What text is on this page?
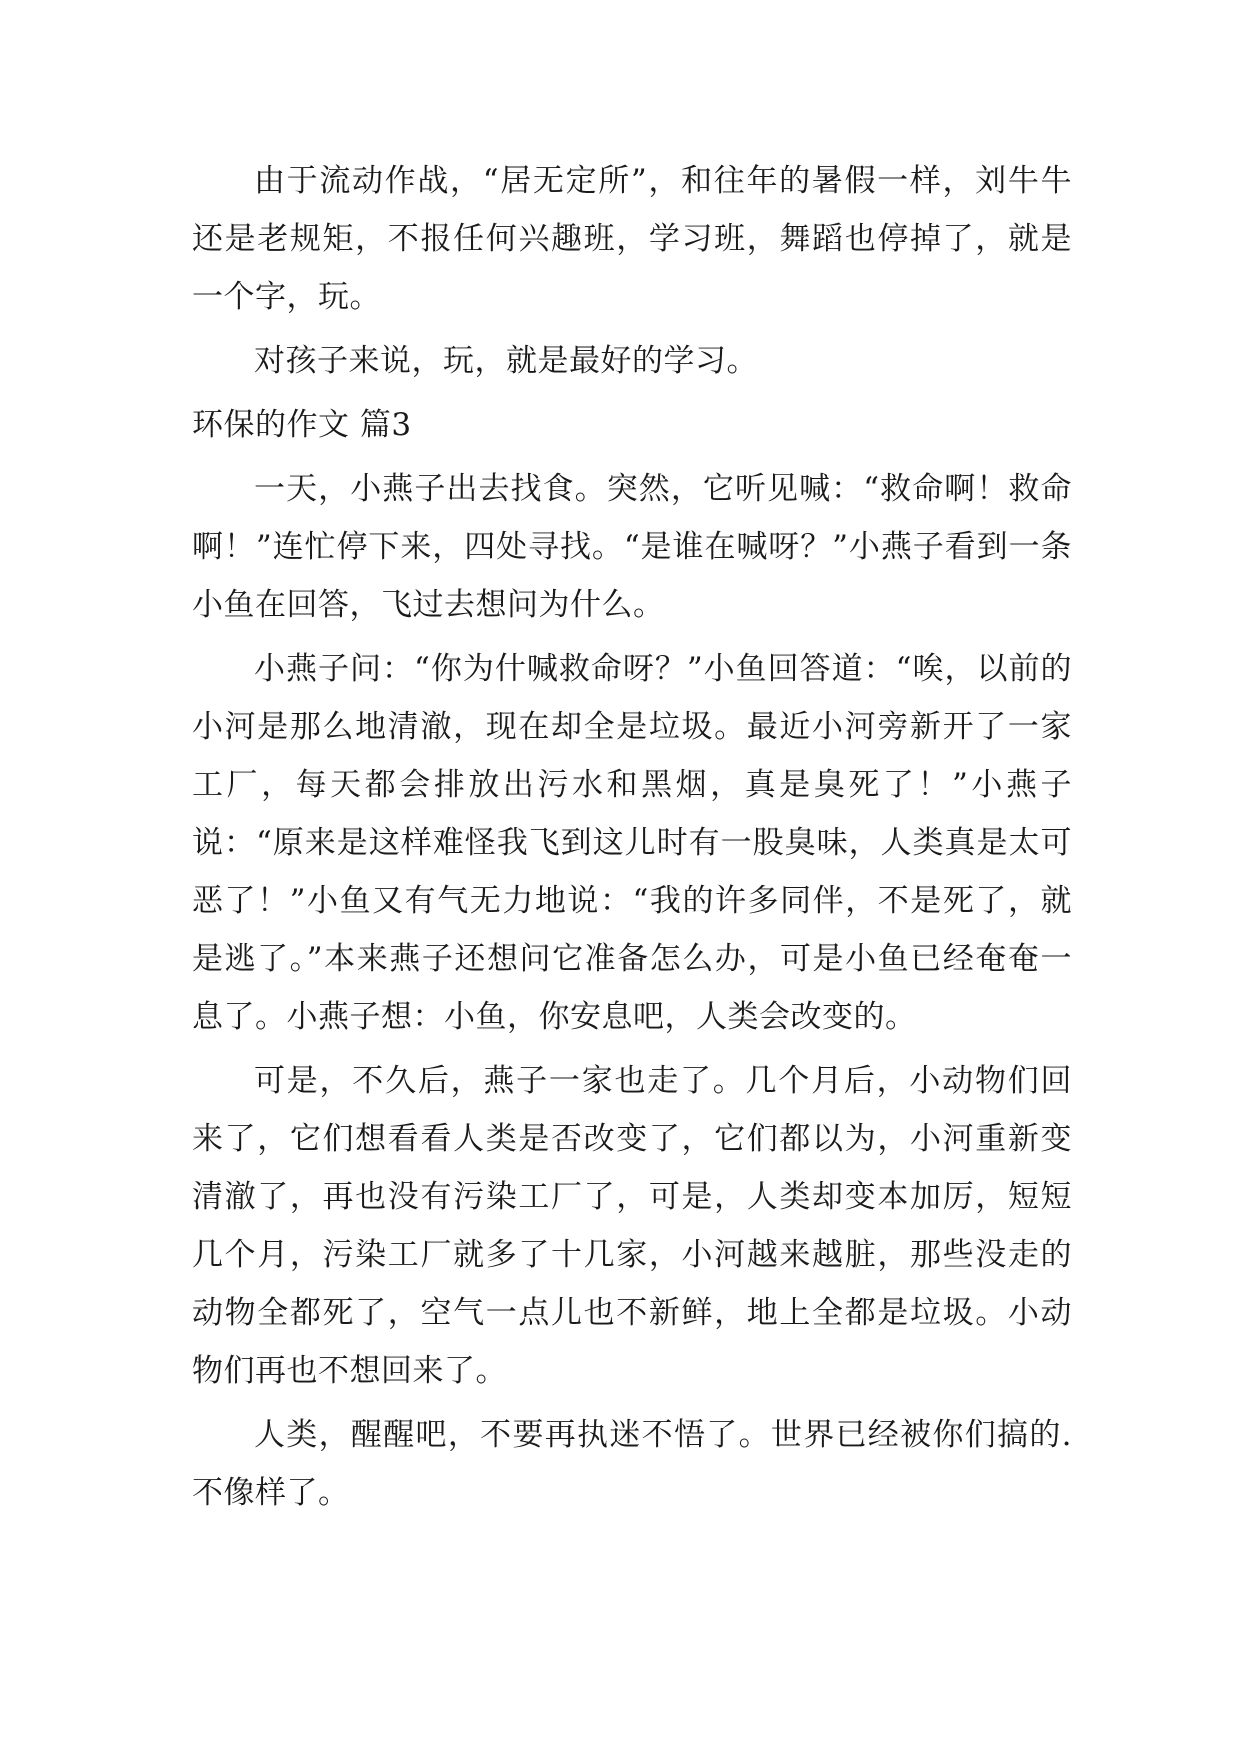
由于流动作战，“居无定所”，和往年的暑假一样，刘牛牛还是老规矩，不报任何兴趣班，学习班，舞蹈也停掉了，就是一个字，玩。

对孩子来说，玩，就是最好的学习。

环保的作文 篇3

一天，小燕子出去找食。突然，它听见喊：“救命啊！救命啊！”连忙停下来，四处寻找。“是谁在喊呀？”小燕子看到一条小鱼在回答，飞过去想问为什么。

小燕子问：“你为什喊救命呀？”小鱼回答道：“唉，以前的小河是那么地清澈，现在却全是垃圾。最近小河旁新开了一家工厂，每天都会排放出污水和黑烟，真是臭死了！”小燕子说：“原来是这样难怪我飞到这儿时有一股臭味，人类真是太可恶了！”小鱼又有气无力地说：“我的许多同伴，不是死了，就是逃了。”本来燕子还想问它准备怎么办，可是小鱼已经奄奄一息了。小燕子想：小鱼，你安息吧，人类会改变的。

可是，不久后，燕子一家也走了。几个月后，小动物们回来了，它们想看看人类是否改变了，它们都以为，小河重新变清澈了，再也没有污染工厂了，可是，人类却变本加厉，短短几个月，污染工厂就多了十几家，小河越来越脏，那些没走的动物全都死了，空气一点儿也不新鲜，地上全都是垃圾。小动物们再也不想回来了。

人类，醒醒吧，不要再执迷不悟了。世界已经被你们搞的.不像样了。
